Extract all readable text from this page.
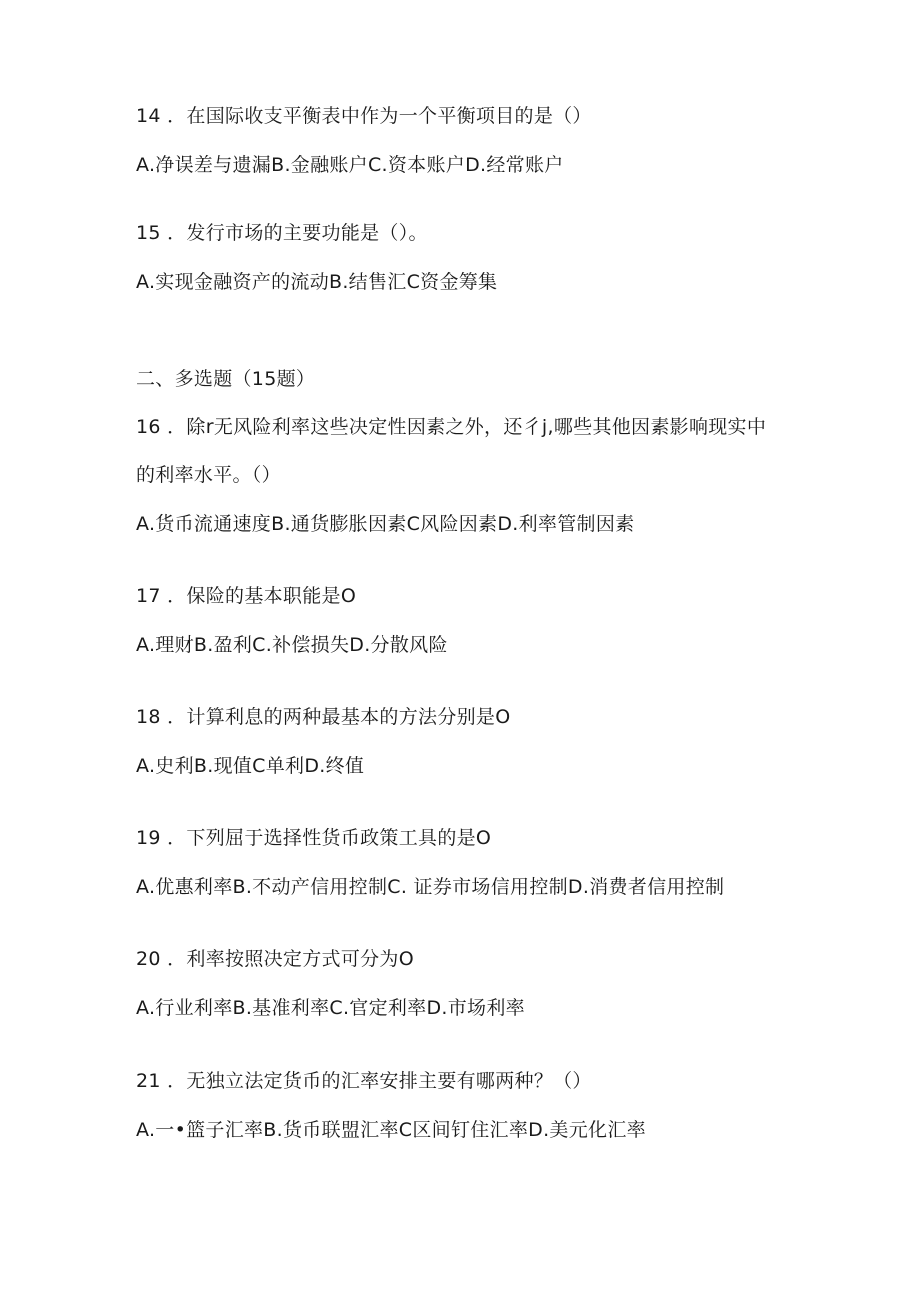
14 ．在国际收支平衡表中作为一个平衡项目的是（）
A.净误差与遗漏B.金融账户C.资本账户D.经常账户
15 ．发行市场的主要功能是（）。
A.实现金融资产的流动B.结售汇C资金筹集
二、多选题（15题）
16 ．除r无风险利率这些决定性因素之外，还彳j,哪些其他因素影响现实中
的利率水平。（）
A.货币流通速度B.通货膨胀因素C风险因素D.利率管制因素
17 ．保险的基本职能是O
A.理财B.盈利C.补偿损失D.分散风险
18 ．计算利息的两种最基本的方法分别是O
A.史利B.现值C单利D.终值
19 ．下列屈于选择性货币政策工具的是O
A.优惠利率B.不动产信用控制C. 证券市场信用控制D.消费者信用控制
20 ．利率按照决定方式可分为O
A.行业利率B.基准利率C.官定利率D.市场利率
21 ．无独立法定货币的汇率安排主要有哪两种？（）
A.一•篮子汇率B.货币联盟汇率C区间钉住汇率D.美元化汇率
